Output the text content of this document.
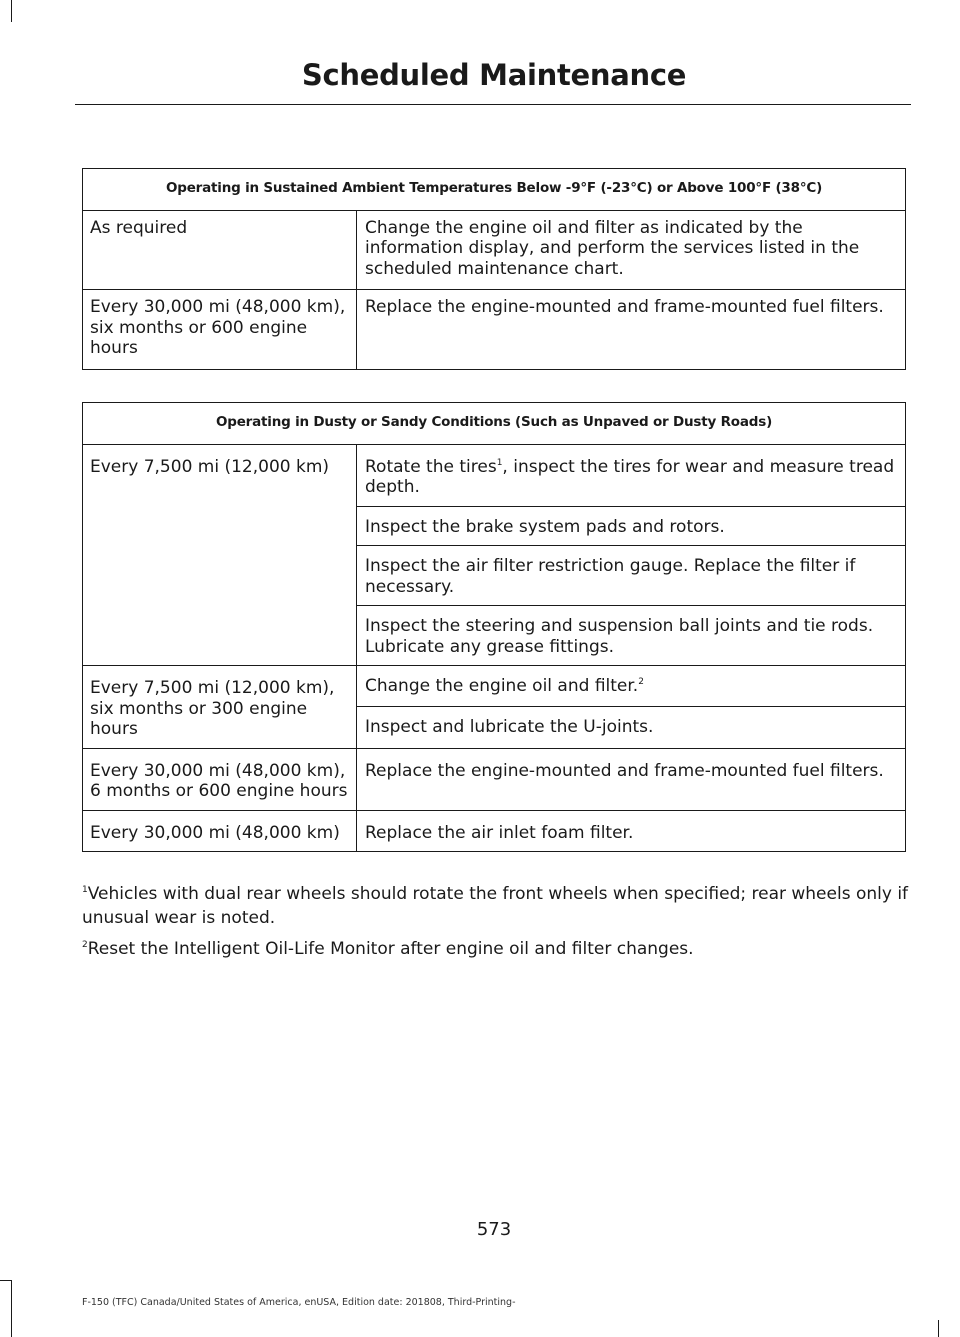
Scheduled Maintenance
Operating in Sustained Ambient Temperatures Below -9°F (-23°C) or Above 100°F (38°C)	
As required	Change the engine oil and filter as indicated by the information display, and perform the services listed in the scheduled maintenance chart.
Every 30,000 mi (48,000 km), six months or 600 engine hours	Replace the engine-mounted and frame-mounted fuel filters.
Operating in Dusty or Sandy Conditions (Such as Unpaved or Dusty Roads)	
Every 7,500 mi (12,000 km)	Rotate the tires$^1$, inspect the tires for wear and measure tread depth.
	Inspect the brake system pads and rotors.
	Inspect the air filter restriction gauge. Replace the filter if necessary.
	Inspect the steering and suspension ball joints and tie rods. Lubricate any grease fittings.
Every 7,500 mi (12,000 km), six months or 300 engine hours	Change the engine oil and filter.$^2$
	Inspect and lubricate the U-joints.
Every 30,000 mi (48,000 km), 6 months or 600 engine hours	Replace the engine-mounted and frame-mounted fuel filters.
Every 30,000 mi (48,000 km)	Replace the air inlet foam filter.

$^1$Vehicles with dual rear wheels should rotate the front wheels when specified; rear wheels only if unusual wear is noted.

$^2$Reset the Intelligent Oil-Life Monitor after engine oil and filter changes.

573
F-150 (TFC) Canada/United States of America, enUSA, Edition date: 201808, Third-Printing-
